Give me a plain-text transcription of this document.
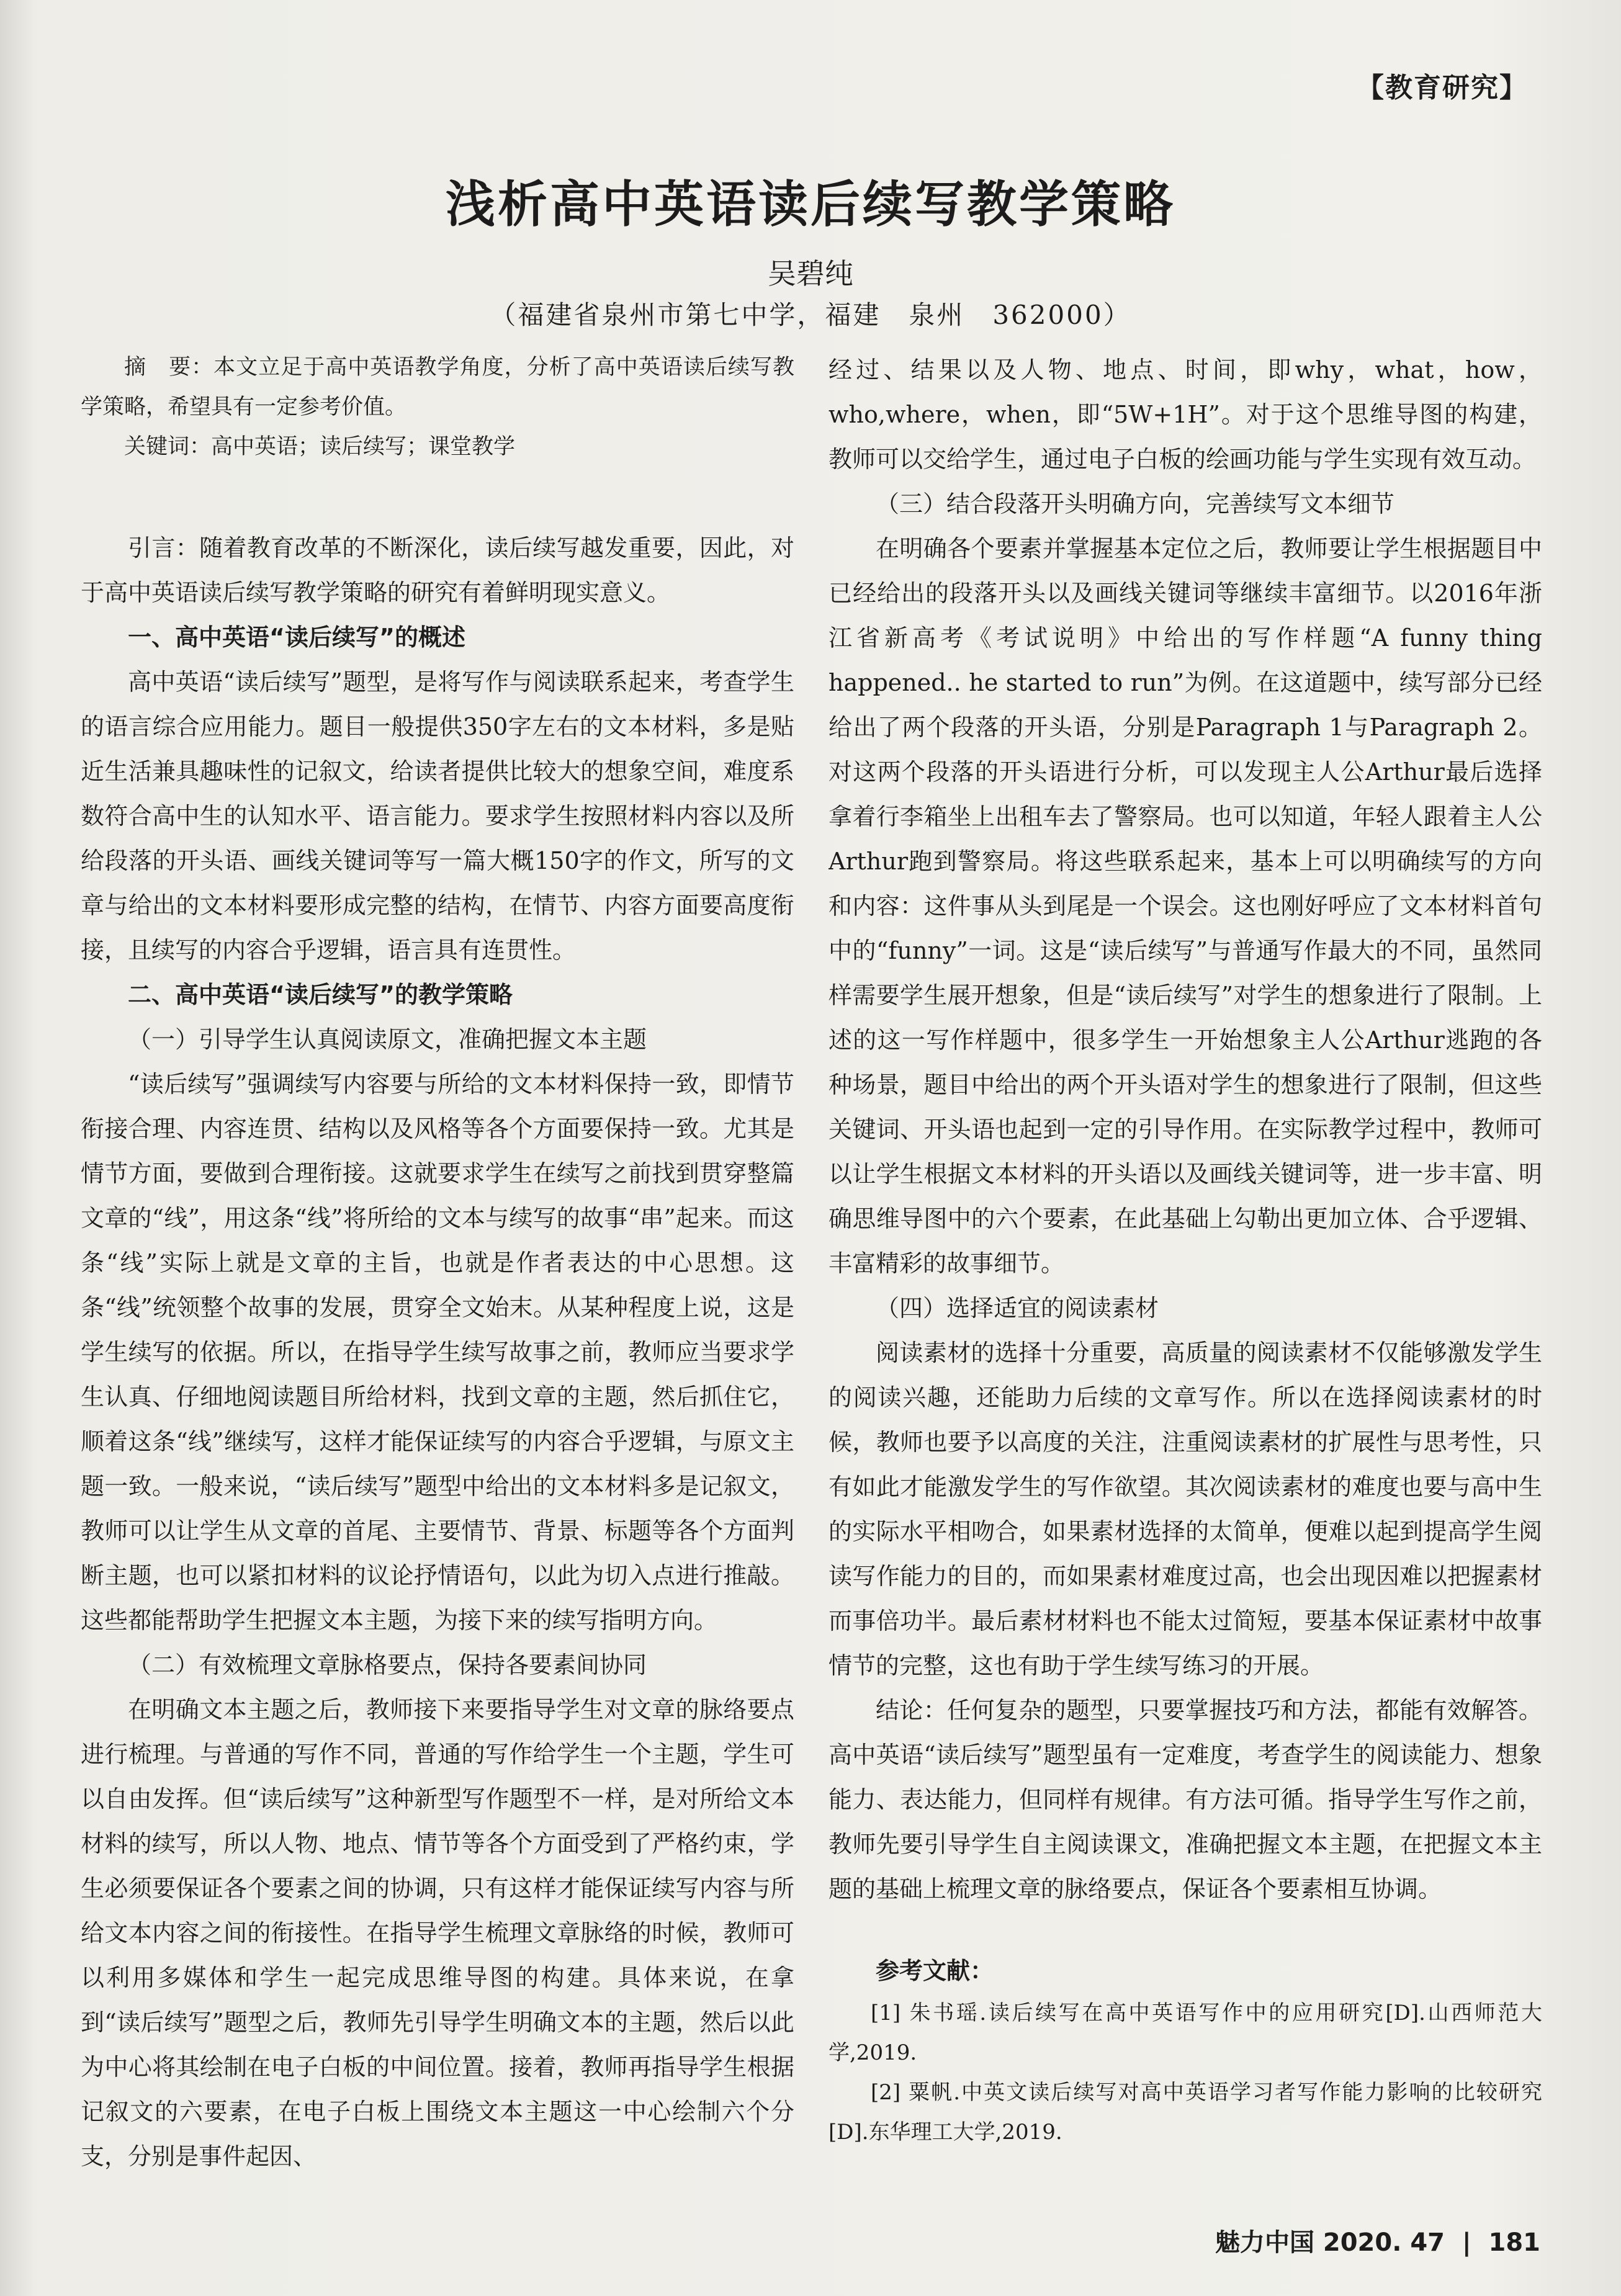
【教育研究】
浅析高中英语读后续写教学策略
吴碧纯
（福建省泉州市第七中学，福建　泉州　362000）

摘　要：本文立足于高中英语教学角度，分析了高中英语读后续写教学策略，希望具有一定参考价值。

关键词：高中英语；读后续写；课堂教学

引言：随着教育改革的不断深化，读后续写越发重要，因此，对于高中英语读后续写教学策略的研究有着鲜明现实意义。

一、高中英语“读后续写”的概述

高中英语“读后续写”题型，是将写作与阅读联系起来，考查学生的语言综合应用能力。题目一般提供350字左右的文本材料，多是贴近生活兼具趣味性的记叙文，给读者提供比较大的想象空间，难度系数符合高中生的认知水平、语言能力。要求学生按照材料内容以及所给段落的开头语、画线关键词等写一篇大概150字的作文，所写的文章与给出的文本材料要形成完整的结构，在情节、内容方面要高度衔接，且续写的内容合乎逻辑，语言具有连贯性。

二、高中英语“读后续写”的教学策略

（一）引导学生认真阅读原文，准确把握文本主题

“读后续写”强调续写内容要与所给的文本材料保持一致，即情节衔接合理、内容连贯、结构以及风格等各个方面要保持一致。尤其是情节方面，要做到合理衔接。这就要求学生在续写之前找到贯穿整篇文章的“线”，用这条“线”将所给的文本与续写的故事“串”起来。而这条“线”实际上就是文章的主旨，也就是作者表达的中心思想。这条“线”统领整个故事的发展，贯穿全文始末。从某种程度上说，这是学生续写的依据。所以，在指导学生续写故事之前，教师应当要求学生认真、仔细地阅读题目所给材料，找到文章的主题，然后抓住它，顺着这条“线”继续写，这样才能保证续写的内容合乎逻辑，与原文主题一致。一般来说，“读后续写”题型中给出的文本材料多是记叙文，教师可以让学生从文章的首尾、主要情节、背景、标题等各个方面判断主题，也可以紧扣材料的议论抒情语句，以此为切入点进行推敲。这些都能帮助学生把握文本主题，为接下来的续写指明方向。

（二）有效梳理文章脉格要点，保持各要素间协同

在明确文本主题之后，教师接下来要指导学生对文章的脉络要点进行梳理。与普通的写作不同，普通的写作给学生一个主题，学生可以自由发挥。但“读后续写”这种新型写作题型不一样，是对所给文本材料的续写，所以人物、地点、情节等各个方面受到了严格约束，学生必须要保证各个要素之间的协调，只有这样才能保证续写内容与所给文本内容之间的衔接性。在指导学生梳理文章脉络的时候，教师可以利用多媒体和学生一起完成思维导图的构建。具体来说，在拿到“读后续写”题型之后，教师先引导学生明确文本的主题，然后以此为中心将其绘制在电子白板的中间位置。接着，教师再指导学生根据记叙文的六要素，在电子白板上围绕文本主题这一中心绘制六个分支，分别是事件起因、

经过、结果以及人物、地点、时间，即why，what，how，who,where，when，即“5W+1H”。对于这个思维导图的构建，教师可以交给学生，通过电子白板的绘画功能与学生实现有效互动。

（三）结合段落开头明确方向，完善续写文本细节

在明确各个要素并掌握基本定位之后，教师要让学生根据题目中已经给出的段落开头以及画线关键词等继续丰富细节。以2016年浙江省新高考《考试说明》中给出的写作样题“A funny thing happened.. he started to run”为例。在这道题中，续写部分已经给出了两个段落的开头语，分别是Paragraph 1与Paragraph 2。对这两个段落的开头语进行分析，可以发现主人公Arthur最后选择拿着行李箱坐上出租车去了警察局。也可以知道，年轻人跟着主人公Arthur跑到警察局。将这些联系起来，基本上可以明确续写的方向和内容：这件事从头到尾是一个误会。这也刚好呼应了文本材料首句中的“funny”一词。这是“读后续写”与普通写作最大的不同，虽然同样需要学生展开想象，但是“读后续写”对学生的想象进行了限制。上述的这一写作样题中，很多学生一开始想象主人公Arthur逃跑的各种场景，题目中给出的两个开头语对学生的想象进行了限制，但这些关键词、开头语也起到一定的引导作用。在实际教学过程中，教师可以让学生根据文本材料的开头语以及画线关键词等，进一步丰富、明确思维导图中的六个要素，在此基础上勾勒出更加立体、合乎逻辑、丰富精彩的故事细节。

（四）选择适宜的阅读素材

阅读素材的选择十分重要，高质量的阅读素材不仅能够激发学生的阅读兴趣，还能助力后续的文章写作。所以在选择阅读素材的时候，教师也要予以高度的关注，注重阅读素材的扩展性与思考性，只有如此才能激发学生的写作欲望。其次阅读素材的难度也要与高中生的实际水平相吻合，如果素材选择的太简单，便难以起到提高学生阅读写作能力的目的，而如果素材难度过高，也会出现因难以把握素材而事倍功半。最后素材材料也不能太过简短，要基本保证素材中故事情节的完整，这也有助于学生续写练习的开展。

结论：任何复杂的题型，只要掌握技巧和方法，都能有效解答。高中英语“读后续写”题型虽有一定难度，考查学生的阅读能力、想象能力、表达能力，但同样有规律。有方法可循。指导学生写作之前，教师先要引导学生自主阅读课文，准确把握文本主题，在把握文本主题的基础上梳理文章的脉络要点，保证各个要素相互协调。

参考文献：

[1] 朱书瑶.读后续写在高中英语写作中的应用研究[D].山西师范大学,2019.

[2] 粟帆.中英文读后续写对高中英语学习者写作能力影响的比较研究[D].东华理工大学,2019.

魅力中国 2020. 47 | 181
